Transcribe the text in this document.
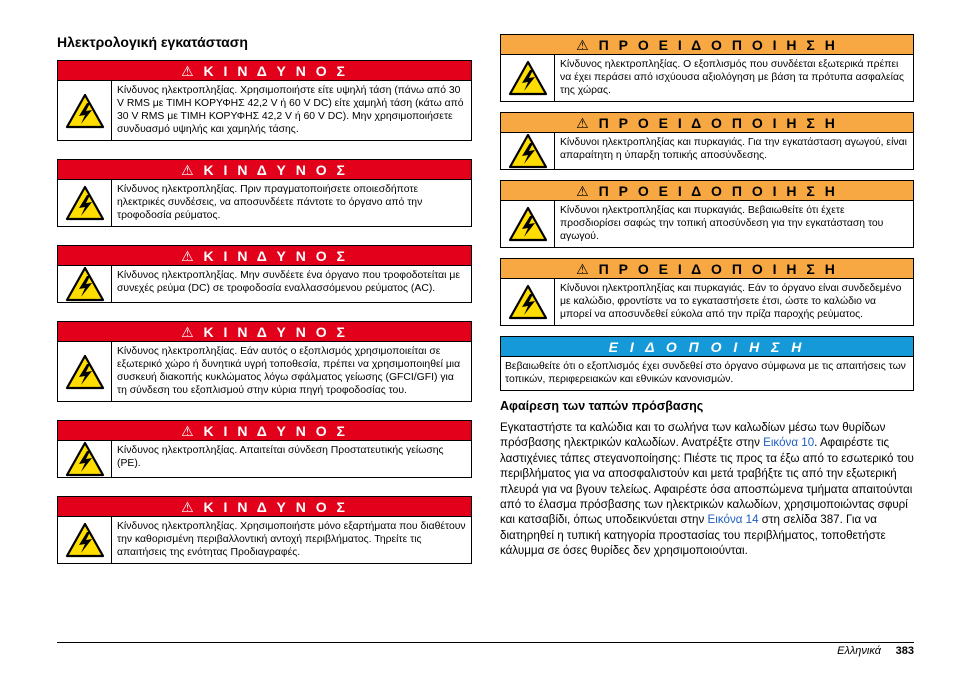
Ηλεκτρολογική εγκατάσταση
⚠ Κ Ι Ν Δ Υ Ν Ο Σ
Κίνδυνος ηλεκτροπληξίας. Χρησιμοποιήστε είτε υψηλή τάση (πάνω από 30 V RMS με ΤΙΜΗ ΚΟΡΥΦΗΣ 42,2 V ή 60 V DC) είτε χαμηλή τάση (κάτω από 30 V RMS με ΤΙΜΗ ΚΟΡΥΦΗΣ 42,2 V ή 60 V DC). Μην χρησιμοποιήσετε συνδυασμό υψηλής και χαμηλής τάσης.
⚠ Κ Ι Ν Δ Υ Ν Ο Σ
Κίνδυνος ηλεκτροπληξίας. Πριν πραγματοποιήσετε οποιεσδήποτε ηλεκτρικές συνδέσεις, να αποσυνδέετε πάντοτε το όργανο από την τροφοδοσία ρεύματος.
⚠ Κ Ι Ν Δ Υ Ν Ο Σ
Κίνδυνος ηλεκτροπληξίας. Μην συνδέετε ένα όργανο που τροφοδοτείται με συνεχές ρεύμα (DC) σε τροφοδοσία εναλλασσόμενου ρεύματος (AC).
⚠ Κ Ι Ν Δ Υ Ν Ο Σ
Κίνδυνος ηλεκτροπληξίας. Εάν αυτός ο εξοπλισμός χρησιμοποιείται σε εξωτερικό χώρο ή δυνητικά υγρή τοποθεσία, πρέπει να χρησιμοποιηθεί μια συσκευή διακοπής κυκλώματος λόγω σφάλματος γείωσης (GFCI/GFI) για τη σύνδεση του εξοπλισμού στην κύρια πηγή τροφοδοσίας του.
⚠ Κ Ι Ν Δ Υ Ν Ο Σ
Κίνδυνος ηλεκτροπληξίας. Απαιτείται σύνδεση Προστατευτικής γείωσης (PE).
⚠ Κ Ι Ν Δ Υ Ν Ο Σ
Κίνδυνος ηλεκτροπληξίας. Χρησιμοποιήστε μόνο εξαρτήματα που διαθέτουν την καθορισμένη περιβαλλοντική αντοχή περιβλήματος. Τηρείτε τις απαιτήσεις της ενότητας Προδιαγραφές.
⚠ Π Ρ Ο Ε Ι Δ Ο Π Ο Ι Η Σ Η
Κίνδυνος ηλεκτροπληξίας. Ο εξοπλισμός που συνδέεται εξωτερικά πρέπει να έχει περάσει από ισχύουσα αξιολόγηση με βάση τα πρότυπα ασφαλείας της χώρας.
⚠ Π Ρ Ο Ε Ι Δ Ο Π Ο Ι Η Σ Η
Κίνδυνοι ηλεκτροπληξίας και πυρκαγιάς. Για την εγκατάσταση αγωγού, είναι απαραίτητη η ύπαρξη τοπικής αποσύνδεσης.
⚠ Π Ρ Ο Ε Ι Δ Ο Π Ο Ι Η Σ Η
Κίνδυνοι ηλεκτροπληξίας και πυρκαγιάς. Βεβαιωθείτε ότι έχετε προσδιορίσει σαφώς την τοπική αποσύνδεση για την εγκατάσταση του αγωγού.
⚠ Π Ρ Ο Ε Ι Δ Ο Π Ο Ι Η Σ Η
Κίνδυνοι ηλεκτροπληξίας και πυρκαγιάς. Εάν το όργανο είναι συνδεδεμένο με καλώδιο, φροντίστε να το εγκαταστήσετε έτσι, ώστε το καλώδιο να μπορεί να αποσυνδεθεί εύκολα από την πρίζα παροχής ρεύματος.
Ε Ι Δ Ο Π Ο Ι Η Σ Η
Βεβαιωθείτε ότι ο εξοπλισμός έχει συνδεθεί στο όργανο σύμφωνα με τις απαιτήσεις των τοπικών, περιφερειακών και εθνικών κανονισμών.
Αφαίρεση των ταπών πρόσβασης

Εγκαταστήστε τα καλώδια και το σωλήνα των καλωδίων μέσω των θυρίδων πρόσβασης ηλεκτρικών καλωδίων. Ανατρέξτε στην Εικόνα 10. Αφαιρέστε τις λαστιχένιες τάπες στεγανοποίησης: Πιέστε τις προς τα έξω από το εσωτερικό του περιβλήματος για να αποσφαλιστούν και μετά τραβήξτε τις από την εξωτερική πλευρά για να βγουν τελείως. Αφαιρέστε όσα αποσπώμενα τμήματα απαιτούνται από το έλασμα πρόσβασης των ηλεκτρικών καλωδίων, χρησιμοποιώντας σφυρί και κατσαβίδι, όπως υποδεικνύεται στην Εικόνα 14 στη σελίδα 387. Για να διατηρηθεί η τυπική κατηγορία προστασίας του περιβλήματος, τοποθετήστε κάλυμμα σε όσες θυρίδες δεν χρησιμοποιούνται.

Ελληνικά 383
